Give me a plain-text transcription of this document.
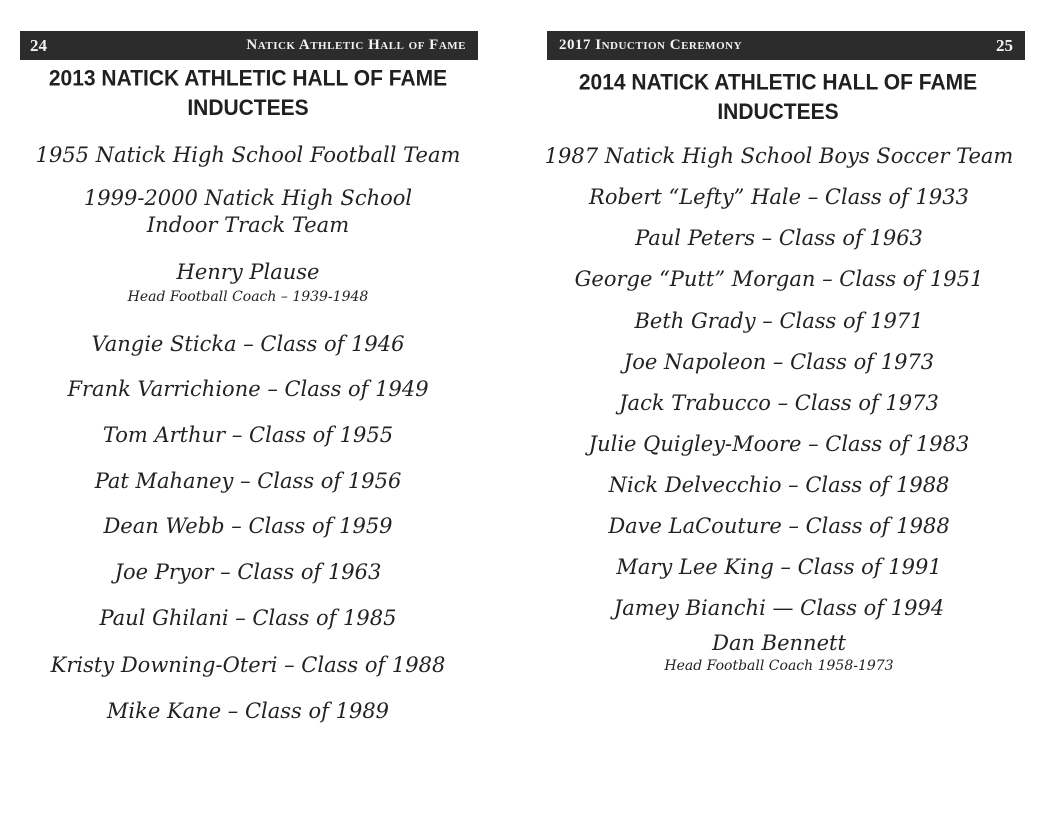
24	Natick Athletic Hall of Fame
2013 NATICK ATHLETIC HALL OF FAME
INDUCTEES
1955 Natick High School Football Team
1999-2000 Natick High School
Indoor Track Team
Henry Plause
Head Football Coach – 1939-1948
Vangie Sticka – Class of 1946
Frank Varrichione – Class of 1949
Tom Arthur – Class of 1955
Pat Mahaney – Class of 1956
Dean Webb – Class of 1959
Joe Pryor – Class of 1963
Paul Ghilani – Class of 1985
Kristy Downing-Oteri – Class of 1988
Mike Kane – Class of 1989
2017 Induction Ceremony	25
2014 NATICK ATHLETIC HALL OF FAME
INDUCTEES
1987 Natick High School Boys Soccer Team
Robert “Lefty” Hale – Class of 1933
Paul Peters – Class of 1963
George “Putt” Morgan – Class of 1951
Beth Grady – Class of 1971
Joe Napoleon – Class of 1973
Jack Trabucco – Class of 1973
Julie Quigley-Moore – Class of 1983
Nick Delvecchio – Class of 1988
Dave LaCouture – Class of 1988
Mary Lee King – Class of 1991
Jamey Bianchi — Class of 1994
Dan Bennett
Head Football Coach 1958-1973
